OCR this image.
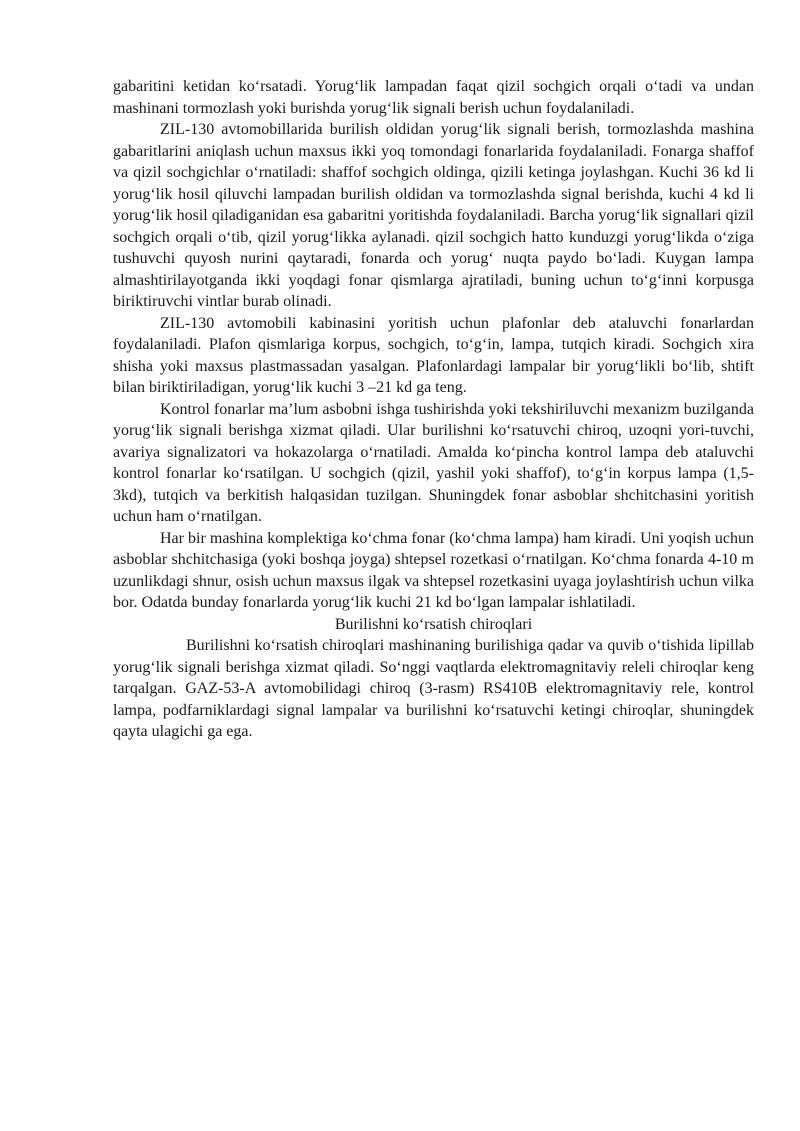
gabaritini ketidan koʻrsatadi. Yorugʻlik lampadan faqat qizil sochgich orqali oʻtadi va undan mashinani tormozlash yoki burishda yorugʻlik signali berish uchun foydalaniladi.

ZIL-130 avtomobillarida burilish oldidan yorugʻlik signali berish, tormozlashda mashina gabaritlarini aniqlash uchun maxsus ikki yoq tomondagi fonarlarida foydalaniladi. Fonarga shaffof va qizil sochgichlar oʻrnatiladi: shaffof sochgich oldinga, qizili ketinga joylashgan. Kuchi 36 kd li yorugʻlik hosil qiluvchi lampadan burilish oldidan va tormozlashda signal berishda, kuchi 4 kd li yorugʻlik hosil qiladiganidan esa gabaritni yoritishda foydalaniladi. Barcha yorugʻlik signallari qizil sochgich orqali oʻtib, qizil yorugʻlikka aylanadi. qizil sochgich hatto kunduzgi yorugʻlikda oʻziga tushuvchi quyosh nurini qaytaradi, fonarda och yorugʻ nuqta paydo boʻladi. Kuygan lampa almashtirilayotganda ikki yoqdagi fonar qismlarga ajratiladi, buning uchun toʻgʻinni korpusga biriktiruvchi vintlar burab olinadi.

ZIL-130 avtomobili kabinasini yoritish uchun plafonlar deb ataluvchi fonarlardan foydalaniladi. Plafon qismlariga korpus, sochgich, toʻgʻin, lampa, tutqich kiradi. Sochgich xira shisha yoki maxsus plastmassadan yasalgan. Plafonlardagi lampalar bir yorugʻlikli boʻlib, shtift bilan biriktiriladigan, yorugʻlik kuchi 3 –21 kd ga teng.

Kontrol fonarlar maʼlum asbobni ishga tushirishda yoki tekshiriluvchi mexanizm buzilganda yorugʻlik signali berishga xizmat qiladi. Ular burilishni koʻrsatuvchi chiroq, uzoqni yori-tuvchi, avariya signalizatori va hokazolarga oʻrnatiladi. Amalda koʻpincha kontrol lampa deb ataluvchi kontrol fonarlar koʻrsatilgan. U sochgich (qizil, yashil yoki shaffof), toʻgʻin korpus lampa (1,5-3kd), tutqich va berkitish halqasidan tuzilgan. Shuningdek fonar asboblar shchitchasini yoritish uchun ham oʻrnatilgan.

Har bir mashina komplektiga koʻchma fonar (koʻchma lampa) ham kiradi. Uni yoqish uchun asboblar shchitchasiga (yoki boshqa joyga) shtepsel rozetkasi oʻrnatilgan. Koʻchma fonarda 4-10 m uzunlikdagi shnur, osish uchun maxsus ilgak va shtepsel rozetkasini uyaga joylashtirish uchun vilka bor. Odatda bunday fonarlarda yorugʻlik kuchi 21 kd boʻlgan lampalar ishlatiladi.

Burilishni koʻrsatish chiroqlari

Burilishni koʻrsatish chiroqlari mashinaning burilishiga qadar va quvib oʻtishida lipillab yorugʻlik signali berishga xizmat qiladi. Soʻnggi vaqtlarda elektromagnitaviy releli chiroqlar keng tarqalgan. GAZ-53-A avtomobilidagi chiroq (3-rasm) RS410B elektromagnitaviy rele, kontrol lampa, podfarniklardagi signal lampalar va burilishni koʻrsatuvchi ketingi chiroqlar, shuningdek qayta ulagichi ga ega.
